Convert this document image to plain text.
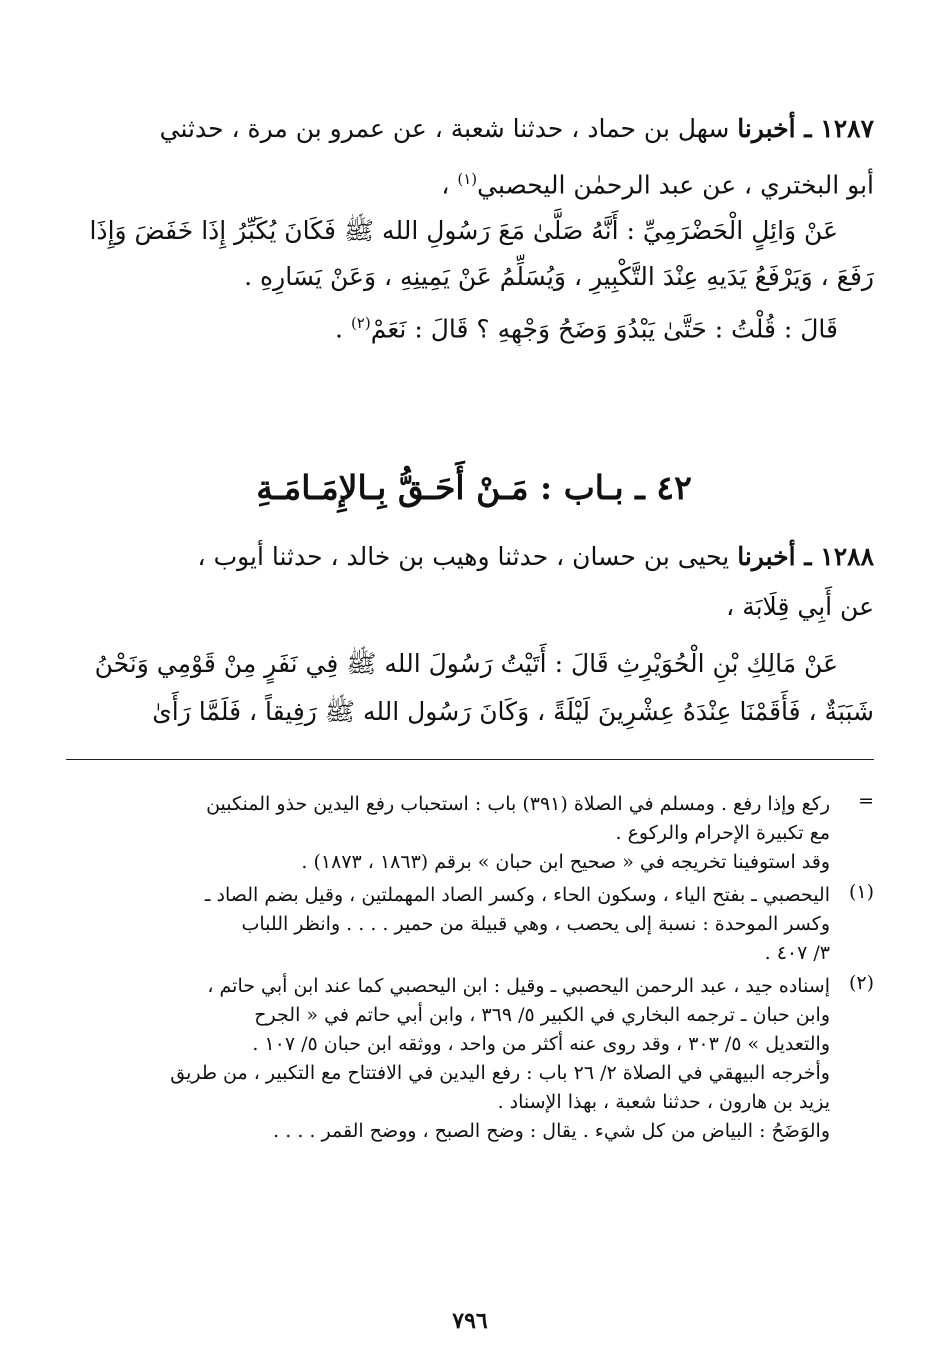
١٢٨٧ ـ أخبرنا سهل بن حماد ، حدثنا شعبة ، عن عمرو بن مرة ، حدثني
أبو البختري ، عن عبد الرحمٰن اليحصبي$^{(١)}$ ،
عَنْ وَائِلٍ الْحَضْرَمِيِّ : أَنَّهُ صَلَّىٰ مَعَ رَسُولِ الله ﷺ فَكَانَ يُكَبِّرُ إِذَا خَفَضَ وَإِذَا
رَفَعَ ، وَيَرْفَعُ يَدَيهِ عِنْدَ التَّكْبِيرِ ، وَيُسَلِّمُ عَنْ يَمِينِهِ ، وَعَنْ يَسَارِهِ .
قَالَ : قُلْتُ : حَتَّىٰ يَبْدُوَ وَضَحُ وَجْهِهِ ؟ قَالَ : نَعَمْ$^{(٢)}$ .
٤٢ ـ بـاب : مَـنْ أَحَـقُّ بِـالإِمَـامَـةِ
١٢٨٨ ـ أخبرنا يحيى بن حسان ، حدثنا وهيب بن خالد ، حدثنا أيوب ،
عن أَبِي قِلَابَة ،
عَنْ مَالِكِ بْنِ الْحُوَيْرِثِ قَالَ : أَتَيْتُ رَسُولَ الله ﷺ فِي نَفَرٍ مِنْ قَوْمِي وَنَحْنُ
شَبَبَةٌ ، فَأَقَمْنَا عِنْدَهُ عِشْرِينَ لَيْلَةً ، وَكَانَ رَسُول الله ﷺ رَفِيقاً ، فَلَمَّا رَأَىٰ
=
ركع وإذا رفع . ومسلم في الصلاة (٣٩١) باب : استحباب رفع اليدين حذو المنكبين
مع تكبيرة الإحرام والركوع .
وقد استوفينا تخريجه في « صحيح ابن حبان » برقم (١٨٦٣ ، ١٨٧٣) .
(١)
اليحصبي ـ بفتح الياء ، وسكون الحاء ، وكسر الصاد المهملتين ، وقيل بضم الصاد ـ
وكسر الموحدة : نسبة إلى يحصب ، وهي قبيلة من حمير . . . . وانظر اللباب
٣/ ٤٠٧ .
(٢)
إسناده جيد ، عبد الرحمن اليحصبي ـ وقيل : ابن اليحصبي كما عند ابن أبي حاتم ،
وابن حبان ـ ترجمه البخاري في الكبير ٥/ ٣٦٩ ، وابن أبي حاتم في « الجرح
والتعديل » ٥/ ٣٠٣ ، وقد روى عنه أكثر من واحد ، ووثقه ابن حبان ٥/ ١٠٧ .
وأخرجه البيهقي في الصلاة ٢/ ٢٦ باب : رفع اليدين في الافتتاح مع التكبير ، من طريق
يزيد بن هارون ، حدثنا شعبة ، بهذا الإسناد .
والوَضَحُ : البياض من كل شيء . يقال : وضح الصبح ، ووضح القمر . . . .
٧٩٦
